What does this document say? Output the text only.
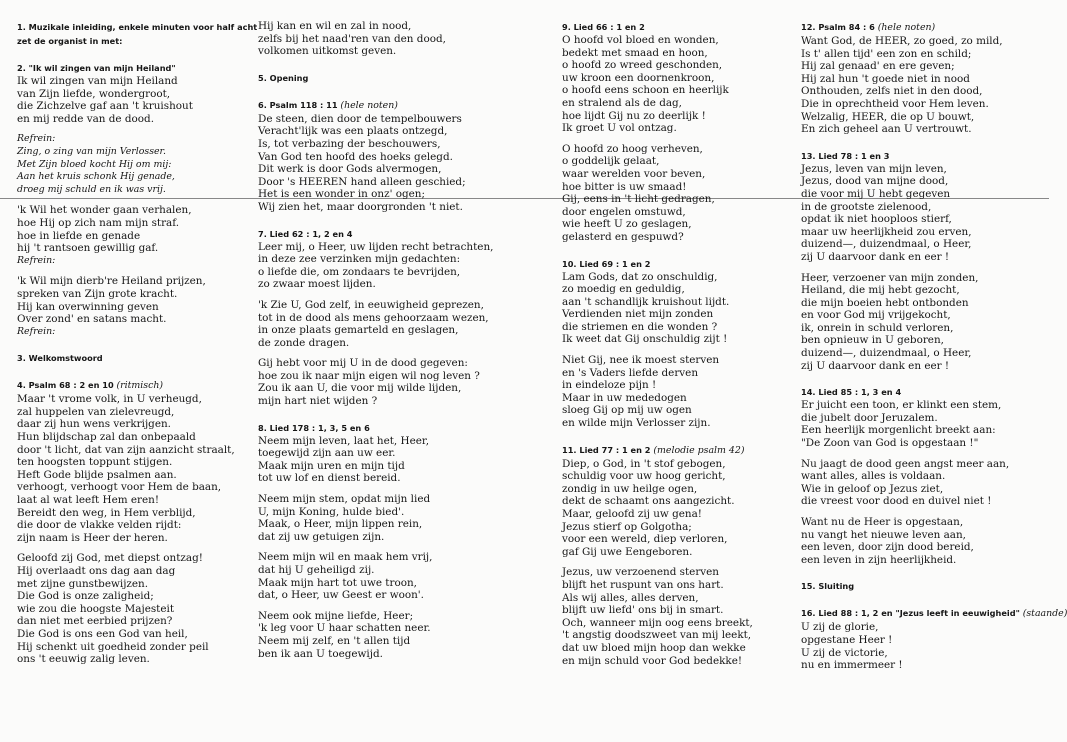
1. Muzikale inleiding, enkele minuten voor half acht
zet de organist in met:
2. "Ik wil zingen van mijn Heiland"
Ik wil zingen van mijn Heiland
van Zijn liefde, wondergroot,
die Zichzelve gaf aan 't kruishout
en mij redde van de dood.
Refrein:
Zing, o zing van mijn Verlosser.
Met Zijn bloed kocht Hij om mij:
Aan het kruis schonk Hij genade,
droeg mij schuld en ik was vrij.
'k Wil het wonder gaan verhalen,
hoe Hij op zich nam mijn straf.
hoe in liefde en genade
hij 't rantsoen gewillig gaf.
Refrein:
'k Wil mijn dierb're Heiland prijzen,
spreken van Zijn grote kracht.
Hij kan overwinning geven
Over zond' en satans macht.
Refrein:
3. Welkomstwoord
4. Psalm 68 : 2 en 10 (ritmisch)
Maar 't vrome volk, in U verheugd,
zal huppelen van zielevreugd,
daar zij hun wens verkrijgen.
Hun blijdschap zal dan onbepaald
door 't licht, dat van zijn aanzicht straalt,
ten hoogsten toppunt stijgen.
Heft Gode blijde psalmen aan.
verhoogt, verhoogt voor Hem de baan,
laat al wat leeft Hem eren!
Bereidt den weg, in Hem verblijd,
die door de vlakke velden rijdt:
zijn naam is Heer der heren.
Geloofd zij God, met diepst ontzag!
Hij overlaadt ons dag aan dag
met zijne gunstbewijzen.
Die God is onze zaligheid;
wie zou die hoogste Majesteit
dan niet met eerbied prijzen?
Die God is ons een God van heil,
Hij schenkt uit goedheid zonder peil
ons 't eeuwig zalig leven.
Hij kan en wil en zal in nood,
zelfs bij het naad'ren van den dood,
volkomen uitkomst geven.
5. Opening
6. Psalm 118 : 11 (hele noten)
De steen, dien door de tempelbouwers
Veracht'lijk was een plaats ontzegd,
Is, tot verbazing der beschouwers,
Van God ten hoofd des hoeks gelegd.
Dit werk is door Gods alvermogen,
Door 's HEEREN hand alleen geschied;
Het is een wonder in onz' ogen;
Wij zien het, maar doorgronden 't niet.
7. Lied 62 : 1, 2 en 4
Leer mij, o Heer, uw lijden recht betrachten,
in deze zee verzinken mijn gedachten:
o liefde die, om zondaars te bevrijden,
zo zwaar moest lijden.
'k Zie U, God zelf, in eeuwigheid geprezen,
tot in de dood als mens gehoorzaam wezen,
in onze plaats gemarteld en geslagen,
de zonde dragen.
Gij hebt voor mij U in de dood gegeven:
hoe zou ik naar mijn eigen wil nog leven ?
Zou ik aan U, die voor mij wilde lijden,
mijn hart niet wijden ?
8. Lied 178 : 1, 3, 5 en 6
Neem mijn leven, laat het, Heer,
toegewijd zijn aan uw eer.
Maak mijn uren en mijn tijd
tot uw lof en dienst bereid.
Neem mijn stem, opdat mijn lied
U, mijn Koning, hulde bied'.
Maak, o Heer, mijn lippen rein,
dat zij uw getuigen zijn.
Neem mijn wil en maak hem vrij,
dat hij U geheiligd zij.
Maak mijn hart tot uwe troon,
dat, o Heer, uw Geest er woon'.
Neem ook mijne liefde, Heer;
'k leg voor U haar schatten neer.
Neem mij zelf, en 't allen tijd
ben ik aan U toegewijd.
9. Lied 66 : 1 en 2
O hoofd vol bloed en wonden,
bedekt met smaad en hoon,
o hoofd zo wreed geschonden,
uw kroon een doornenkroon,
o hoofd eens schoon en heerlijk
en stralend als de dag,
hoe lijdt Gij nu zo deerlijk !
Ik groet U vol ontzag.
O hoofd zo hoog verheven,
o goddelijk gelaat,
waar werelden voor beven,
hoe bitter is uw smaad!
Gij, eens in 't licht gedragen,
door engelen omstuwd,
wie heeft U zo geslagen,
gelasterd en gespuwd?
10. Lied 69 : 1 en 2
Lam Gods, dat zo onschuldig,
zo moedig en geduldig,
aan 't schandlijk kruishout lijdt.
Verdienden niet mijn zonden
die striemen en die wonden ?
Ik weet dat Gij onschuldig zijt !
Niet Gij, nee ik moest sterven
en 's Vaders liefde derven
in eindeloze pijn !
Maar in uw mededogen
sloeg Gij op mij uw ogen
en wilde mijn Verlosser zijn.
11. Lied 77 : 1 en 2 (melodie psalm 42)
Diep, o God, in 't stof gebogen,
schuldig voor uw hoog gericht,
zondig in uw heilge ogen,
dekt de schaamt ons aangezicht.
Maar, geloofd zij uw gena!
Jezus stierf op Golgotha;
voor een wereld, diep verloren,
gaf Gij uwe Eengeboren.
Jezus, uw verzoenend sterven
blijft het ruspunt van ons hart.
Als wij alles, alles derven,
blijft uw liefd' ons bij in smart.
Och, wanneer mijn oog eens breekt,
't angstig doodszweet van mij leekt,
dat uw bloed mijn hoop dan wekke
en mijn schuld voor God bedekke!
12. Psalm 84 : 6 (hele noten)
Want God, de HEER, zo goed, zo mild,
Is t' allen tijd' een zon en schild;
Hij zal genaad' en ere geven;
Hij zal hun 't goede niet in nood
Onthouden, zelfs niet in den dood,
Die in oprechtheid voor Hem leven.
Welzalig, HEER, die op U bouwt,
En zich geheel aan U vertrouwt.
13. Lied 78 : 1 en 3
Jezus, leven van mijn leven,
Jezus, dood van mijne dood,
die voor mij U hebt gegeven
in de grootste zielenood,
opdat ik niet hooploos stierf,
maar uw heerlijkheid zou erven,
duizend—, duizendmaal, o Heer,
zij U daarvoor dank en eer !
Heer, verzoener van mijn zonden,
Heiland, die mij hebt gezocht,
die mijn boeien hebt ontbonden
en voor God mij vrijgekocht,
ik, onrein in schuld verloren,
ben opnieuw in U geboren,
duizend—, duizendmaal, o Heer,
zij U daarvoor dank en eer !
14. Lied 85 : 1, 3 en 4
Er juicht een toon, er klinkt een stem,
die jubelt door Jeruzalem.
Een heerlijk morgenlicht breekt aan:
"De Zoon van God is opgestaan !"
Nu jaagt de dood geen angst meer aan,
want alles, alles is voldaan.
Wie in geloof op Jezus ziet,
die vreest voor dood en duivel niet !
Want nu de Heer is opgestaan,
nu vangt het nieuwe leven aan,
een leven, door zijn dood bereid,
een leven in zijn heerlijkheid.
15. Sluiting
16. Lied 88 : 1, 2 en "Jezus leeft in eeuwigheid" (staande)
U zij de glorie,
opgestane Heer !
U zij de victorie,
nu en immermeer !
